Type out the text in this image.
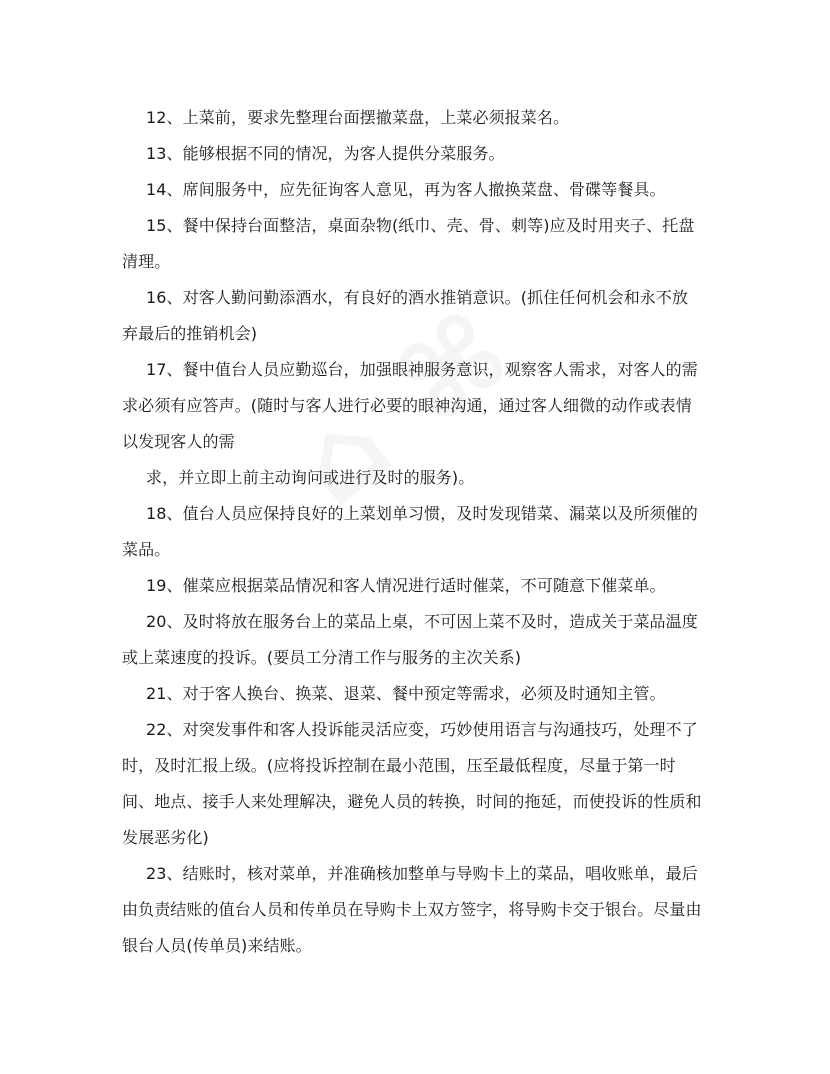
12、上菜前，要求先整理台面摆撤菜盘，上菜必须报菜名。
13、能够根据不同的情况，为客人提供分菜服务。
14、席间服务中，应先征询客人意见，再为客人撤换菜盘、骨碟等餐具。
15、餐中保持台面整洁，桌面杂物(纸巾、壳、骨、刺等)应及时用夹子、托盘
清理。
16、对客人勤问勤添酒水，有良好的酒水推销意识。(抓住任何机会和永不放
弃最后的推销机会)
17、餐中值台人员应勤巡台，加强眼神服务意识，观察客人需求，对客人的需
求必须有应答声。(随时与客人进行必要的眼神沟通，通过客人细微的动作或表情
以发现客人的需
求，并立即上前主动询问或进行及时的服务)。
18、值台人员应保持良好的上菜划单习惯，及时发现错菜、漏菜以及所须催的
菜品。
19、催菜应根据菜品情况和客人情况进行适时催菜，不可随意下催菜单。
20、及时将放在服务台上的菜品上桌，不可因上菜不及时，造成关于菜品温度
或上菜速度的投诉。(要员工分清工作与服务的主次关系)
21、对于客人换台、换菜、退菜、餐中预定等需求，必须及时通知主管。
22、对突发事件和客人投诉能灵活应变，巧妙使用语言与沟通技巧，处理不了
时，及时汇报上级。(应将投诉控制在最小范围，压至最低程度，尽量于第一时
间、地点、接手人来处理解决，避免人员的转换，时间的拖延，而使投诉的性质和
发展恶劣化)
23、结账时，核对菜单，并准确核加整单与导购卡上的菜品，唱收账单，最后
由负责结账的值台人员和传单员在导购卡上双方签字，将导购卡交于银台。尽量由
银台人员(传单员)来结账。
